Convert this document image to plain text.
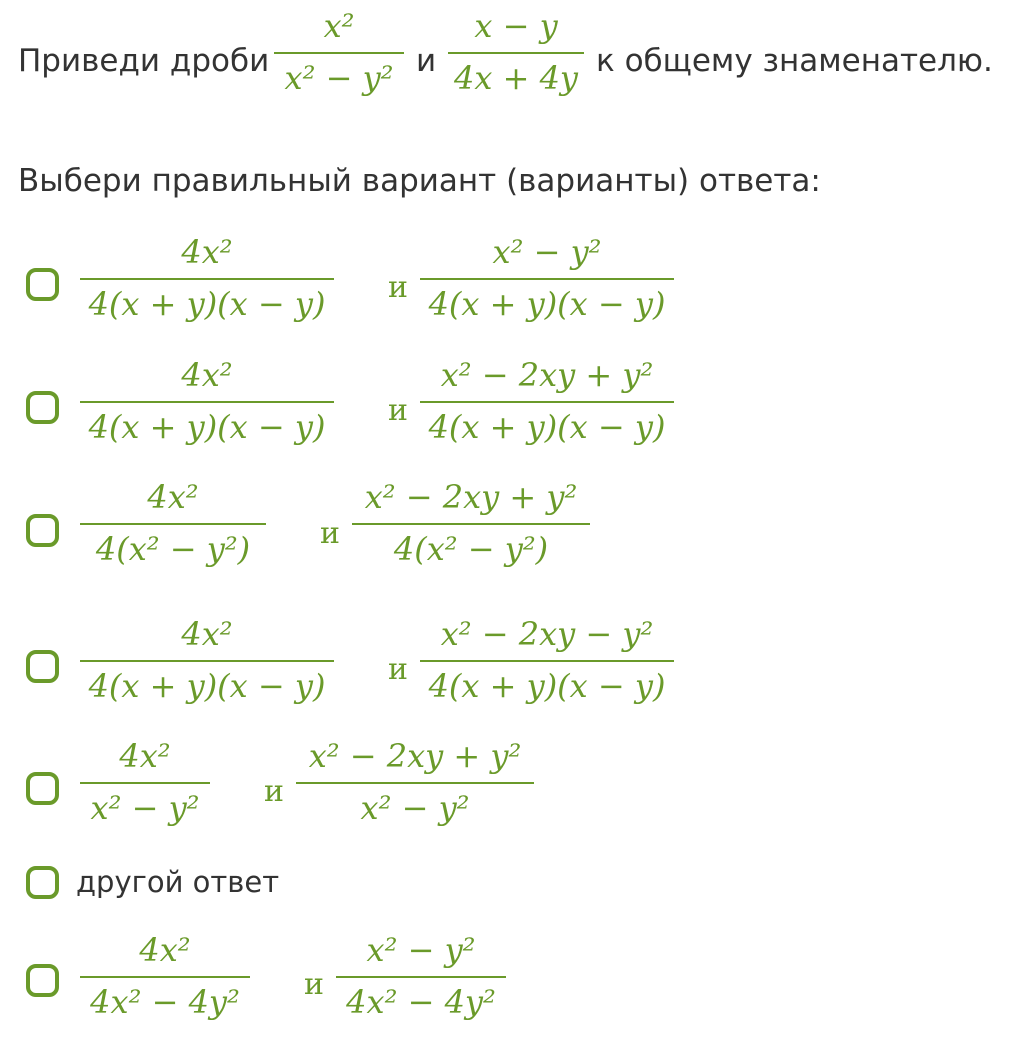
Приведи дроби
x²
x² − y² и
x − y
4x + 4y к общему знаменателю.
Выбери правильный вариант (варианты) ответа:
4x²
4(x + y)(x − y) и
x² − y²
4(x + y)(x − y)
4x²
4(x + y)(x − y) и
x² − 2xy + y²
4(x + y)(x − y)
4x²
4(x² − y²) и
x² − 2xy + y²
4(x² − y²)
4x²
4(x + y)(x − y) и
x² − 2xy − y²
4(x + y)(x − y)
4x²
x² − y² и
x² − 2xy + y²
x² − y²
другой ответ
4x²
4x² − 4y² и
x² − y²
4x² − 4y²
